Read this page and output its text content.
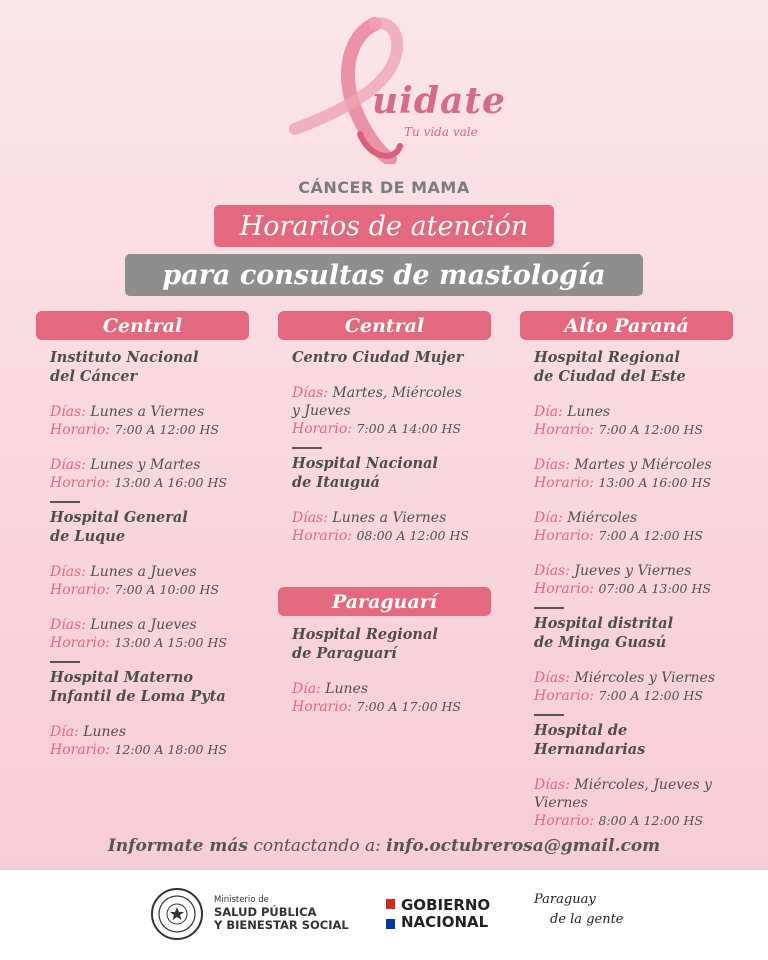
uidate
Tu vida vale
CÁNCER DE MAMA
Horarios de atención
para consultas de mastología
Central	Central
Paraguarí
Alto Paraná
Instituto Nacional
del Cáncer
Días: Lunes a Viernes
Horario: 7:00 A 12:00 HS
Días: Lunes y Martes
Horario: 13:00 A 16:00 HS
Hospital General
de Luque
Días: Lunes a Jueves
Horario: 7:00 A 10:00 HS
Días: Lunes a Jueves
Horario: 13:00 A 15:00 HS
Hospital Materno
Infantil de Loma Pyta
Día: Lunes
Horario: 12:00 A 18:00 HS
Centro Ciudad Mujer
Días: Martes, Miércoles y Jueves
Horario: 7:00 A 14:00 HS
Hospital Nacional
de Itauguá
Días: Lunes a Viernes
Horario: 08:00 A 12:00 HS
Hospital Regional
de Paraguarí
Día: Lunes
Horario: 7:00 A 17:00 HS
Hospital Regional
de Ciudad del Este
Día: Lunes
Horario: 7:00 A 12:00 HS
Días: Martes y Miércoles
Horario: 13:00 A 16:00 HS
Día: Miércoles
Horario: 7:00 A 12:00 HS
Días: Jueves y Viernes
Horario: 07:00 A 13:00 HS
Hospital distrital
de Minga Guasú
Días: Miércoles y Viernes
Horario: 7:00 A 12:00 HS
Hospital de
Hernandarias
Días: Miércoles, Jueves y Viernes
Horario: 8:00 A 12:00 HS
Informate más contactando a: info.octubrerosa@gmail.com
Ministerio de
SALUD PÚBLICA
Y BIENESTAR SOCIAL
GOBIERNO
NACIONAL
Paraguay
de la gente
